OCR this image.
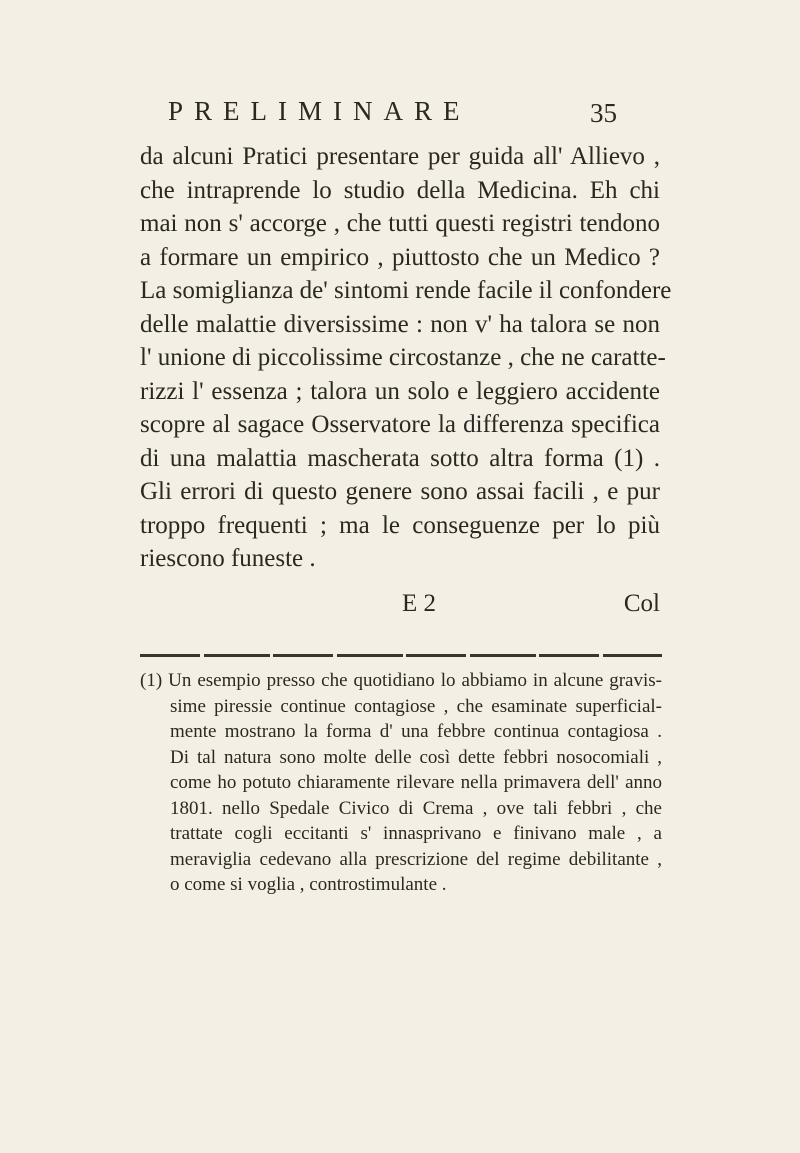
PRELIMINARE	35
da alcuni Pratici presentare per guida all' Allievo ,
che intraprende lo studio della Medicina. Eh chi
mai non s' accorge , che tutti questi registri tendono
a formare un empirico , piuttosto che un Medico ?
La somiglianza de' sintomi rende facile il confondere
delle malattie diversissime : non v' ha talora se non
l' unione di piccolissime circostanze , che ne caratte-
rizzi l' essenza ; talora un solo e leggiero accidente
scopre al sagace Osservatore la differenza specifica
di una malattia mascherata sotto altra forma (1) .
Gli errori di questo genere sono assai facili , e pur
troppo frequenti ; ma le conseguenze per lo più
riescono funeste .
E 2	Col
(1) Un esempio presso che quotidiano lo abbiamo in alcune gravis-
sime piressie continue contagiose , che esaminate superficial-
mente mostrano la forma d' una febbre continua contagiosa .
Di tal natura sono molte delle così dette febbri nosocomiali ,
come ho potuto chiaramente rilevare nella primavera dell' anno
1801. nello Spedale Civico di Crema , ove tali febbri , che
trattate cogli eccitanti s' innasprivano e finivano male , a
meraviglia cedevano alla prescrizione del regime debilitante ,
o come si voglia , controstimulante .
